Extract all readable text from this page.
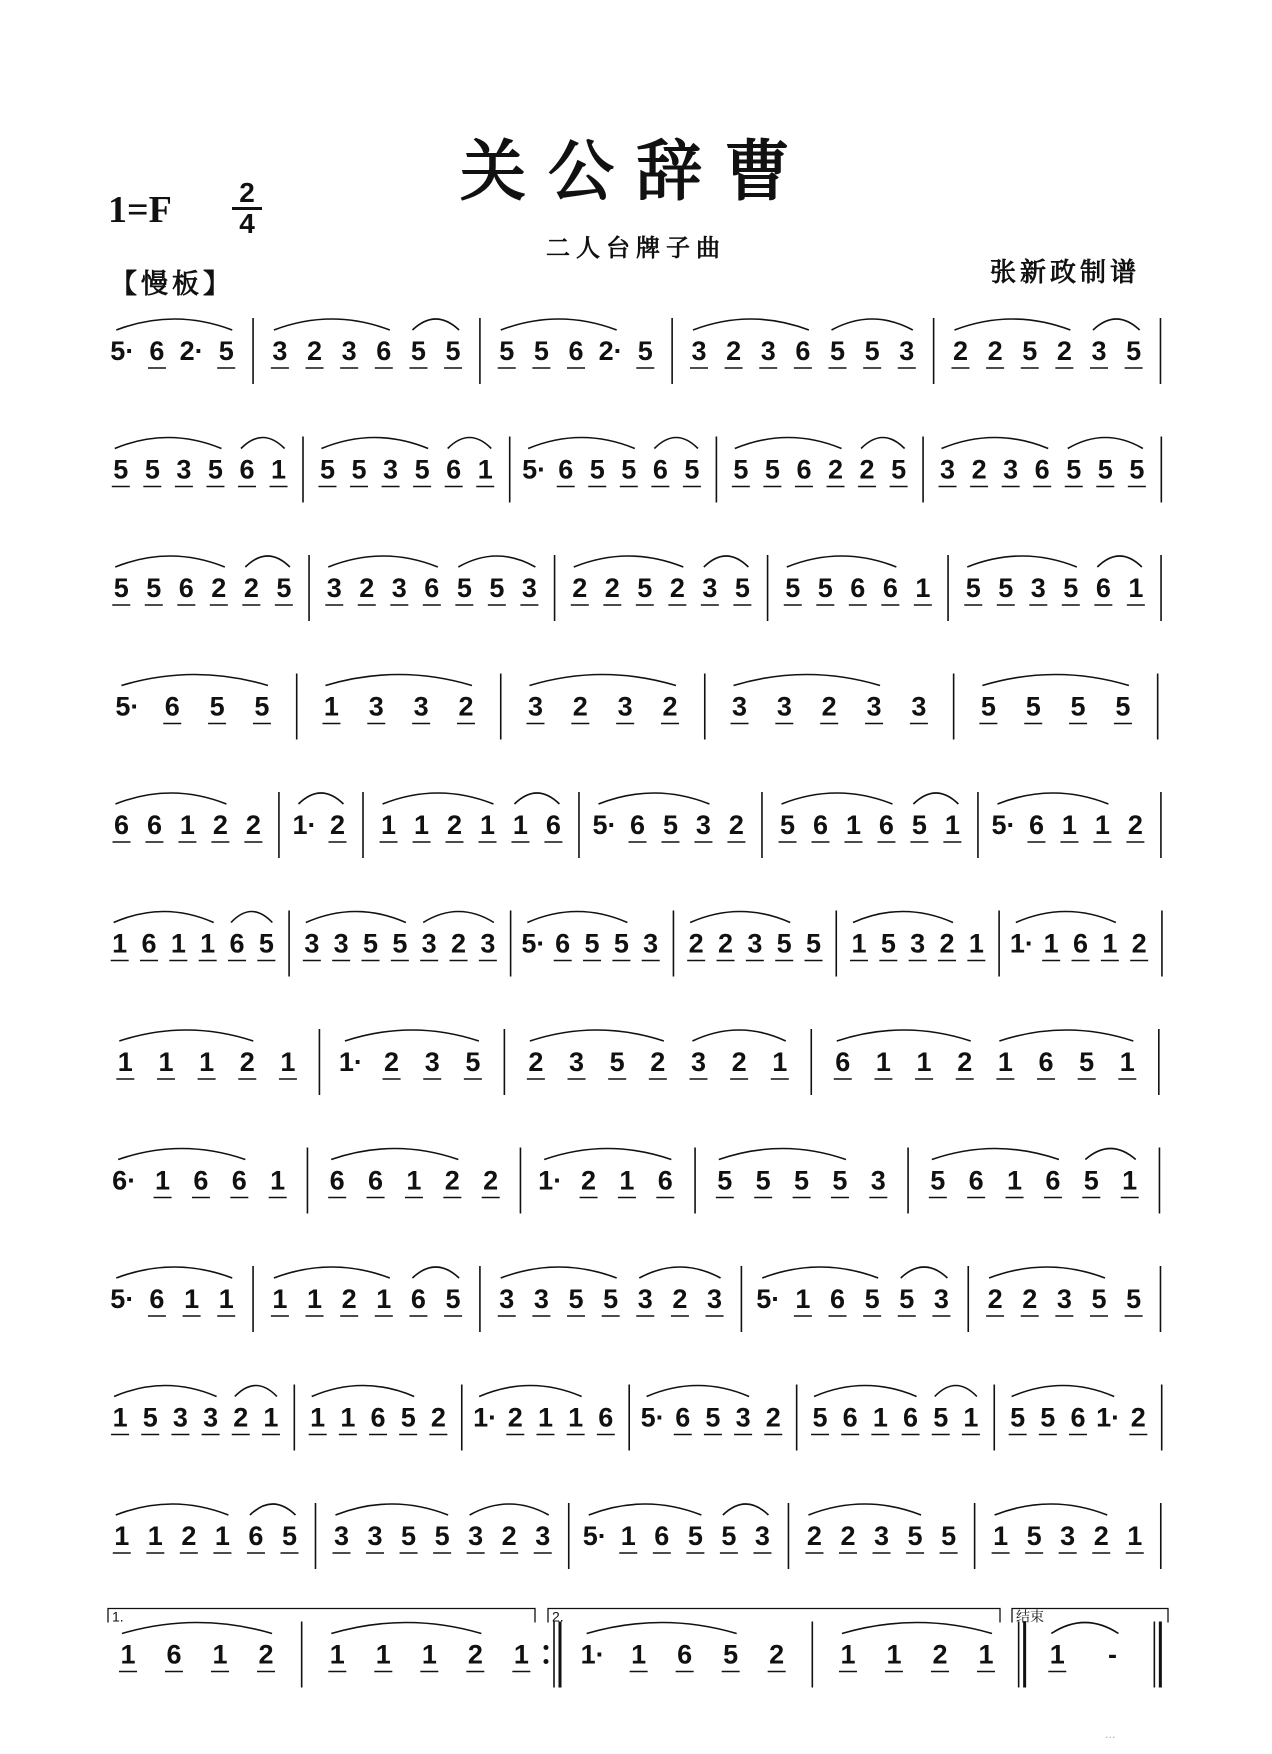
关公辞曹
1=F 2
4
二人台牌子曲
张新政制谱
【慢板】
5· 6 2· 5 3 2 3 6 5 5 5 5 6 2· 5 3 2 3 6 5 5 3 2 2 5 2 3 5
5 5 3 5 6 1 5 5 3 5 6 1 5· 6 5 5 6 5 5 5 6 2 2 5 3 2 3 6 5 5 5
5 5 6 2 2 5 3 2 3 6 5 5 3 2 2 5 2 3 5 5 5 6 6 1 5 5 3 5 6 1
5· 6 5 5 1 3 3 2 3 2 3 2 3 3 2 3 3 5 5 5 5
6 6 1 2 2 1· 2 1 1 2 1 1 6 5· 6 5 3 2 5 6 1 6 5 1 5· 6 1 1 2
1 6 1 1 6 5 3 3 5 5 3 2 3 5· 6 5 5 3 2 2 3 5 5 1 5 3 2 1 1· 1 6 1 2
1 1 1 2 1 1· 2 3 5 2 3 5 2 3 2 1 6 1 1 2 1 6 5 1
6· 1 6 6 1 6 6 1 2 2 1· 2 1 6 5 5 5 5 3 5 6 1 6 5 1
5· 6 1 1 1 1 2 1 6 5 3 3 5 5 3 2 3 5· 1 6 5 5 3 2 2 3 5 5
1 5 3 3 2 1 1 1 6 5 2 1· 2 1 1 6 5· 6 5 3 2 5 6 1 6 5 1 5 5 6 1· 2
1 1 2 1 6 5 3 3 5 5 3 2 3 5· 1 6 5 5 3 2 2 3 5 5 1 5 3 2 1
1 6 1 2 1 1 1 2 1 1· 1 6 5 2 1 1 2 1 1 -
1.	2.	结束
...
